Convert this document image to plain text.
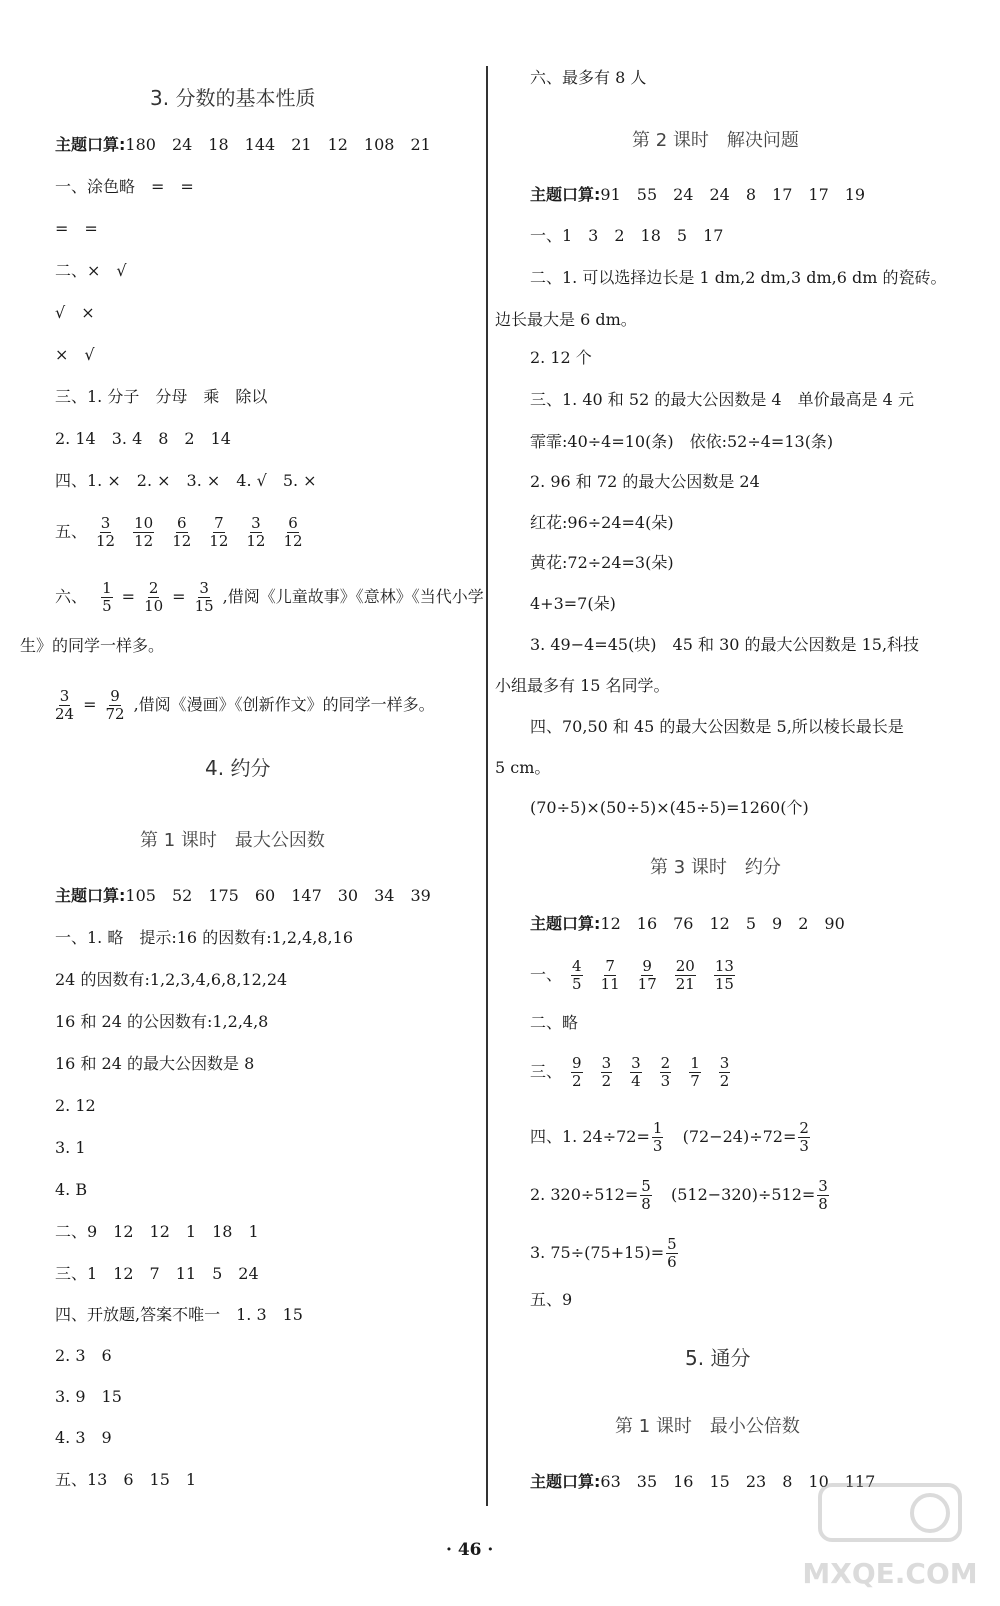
3. 分数的基本性质
主题口算:180　24　18　144　21　12　108　21
一、涂色略　=　=
=　=
二、×　√
√　×
×　√
三、1. 分子　分母　乘　除以
2. 14　3. 4　8　2　14
四、1. ×　2. ×　3. ×　4. √　5. ×
五、 $\frac{3}{12} \frac{10}{12} \frac{6}{12} \frac{7}{12} \frac{3}{12} \frac{6}{12}$
六、 $\frac{1}{5} = \frac{2}{10} = \frac{3}{15}$ ,借阅《儿童故事》《意林》《当代小学
生》的同学一样多。
$\frac{3}{24} = \frac{9}{72}$ ,借阅《漫画》《创新作文》的同学一样多。
4. 约分
第 1 课时　最大公因数
主题口算:105　52　175　60　147　30　34　39
一、1. 略　提示:16 的因数有:1,2,4,8,16
24 的因数有:1,2,3,4,6,8,12,24
16 和 24 的公因数有:1,2,4,8
16 和 24 的最大公因数是 8
2. 12
3. 1
4. B
二、9　12　12　1　18　1
三、1　12　7　11　5　24
四、开放题,答案不唯一　1. 3　15
2. 3　6
3. 9　15
4. 3　9
五、13　6　15　1
六、最多有 8 人
第 2 课时　解决问题
主题口算:91　55　24　24　8　17　17　19
一、1　3　2　18　5　17
二、1. 可以选择边长是 1 dm,2 dm,3 dm,6 dm 的瓷砖。
边长最大是 6 dm。
2. 12 个
三、1. 40 和 52 的最大公因数是 4　单价最高是 4 元
霏霏:40÷4=10(条)　依依:52÷4=13(条)
2. 96 和 72 的最大公因数是 24
红花:96÷24=4(朵)
黄花:72÷24=3(朵)
4+3=7(朵)
3. 49−4=45(块)　45 和 30 的最大公因数是 15,科技
小组最多有 15 名同学。
四、70,50 和 45 的最大公因数是 5,所以棱长最长是
5 cm。
(70÷5)×(50÷5)×(45÷5)=1260(个)
第 3 课时　约分
主题口算:12　16　76　12　5　9　2　90
一、 $\frac{4}{5} \frac{7}{11} \frac{9}{17} \frac{20}{21} \frac{13}{15}$
二、略
三、 $\frac{9}{2} \frac{3}{2} \frac{3}{4} \frac{2}{3} \frac{1}{7} \frac{3}{2}$
四、1. $24\div 72= \frac{1}{3} (72-24)\div 72= \frac{2}{3}$
2. $320\div 512= \frac{5}{8} (512-320)\div 512= \frac{3}{8}$
3. $75\div(75+15)= \frac{5}{6}$
五、9
5. 通分
第 1 课时　最小公倍数
主题口算:63　35　16　15　23　8　10　117
· 46 ·
MXQE.COM
